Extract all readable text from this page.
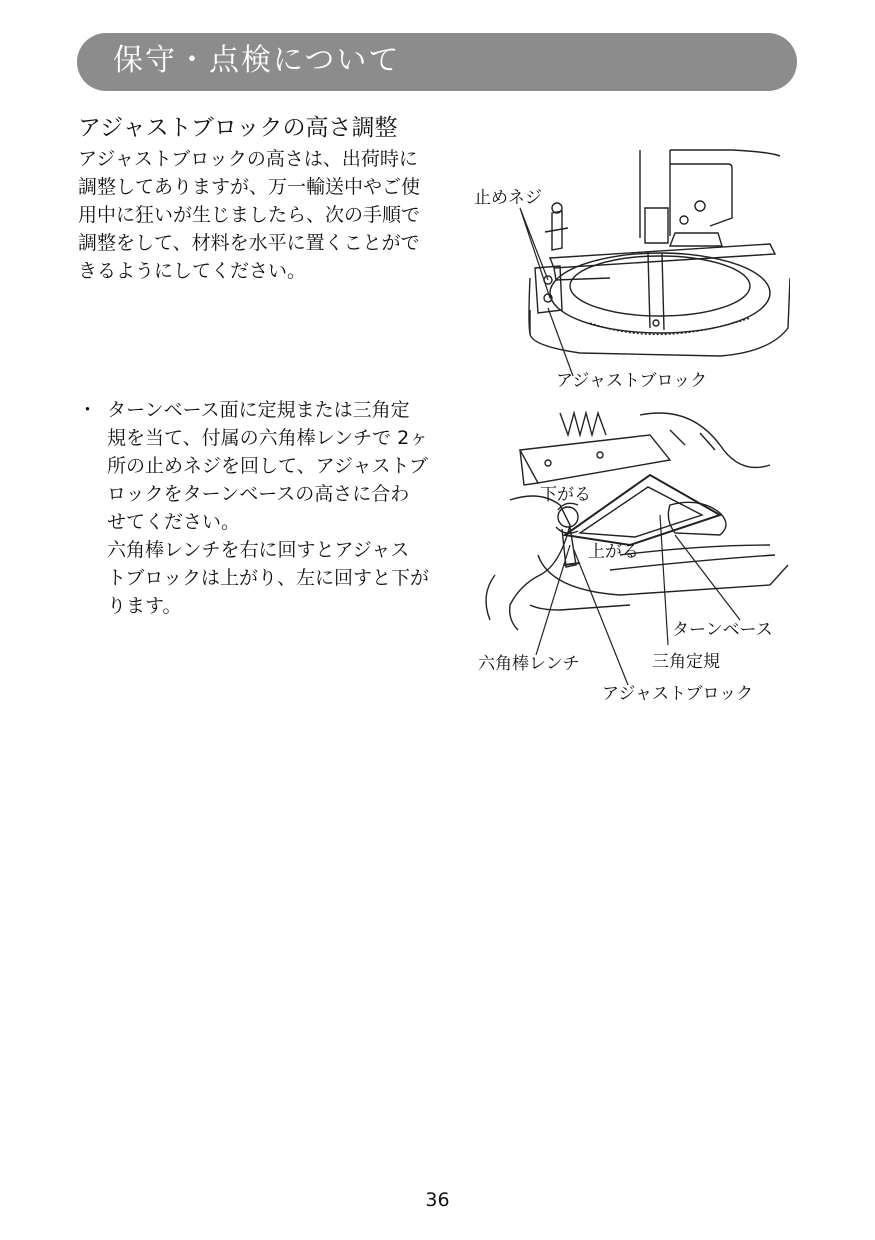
保守・点検について
アジャストブロックの高さ調整

アジャストブロックの高さは、出荷時に
調整してありますが、万一輸送中やご使
用中に狂いが生じましたら、次の手順で
調整をして、材料を水平に置くことがで
きるようにしてください。

・ ターンベース面に定規または三角定
規を当て、付属の六角棒レンチで 2ヶ
所の止めネジを回して、アジャストブ
ロックをターンベースの高さに合わ
せてください。
六角棒レンチを右に回すとアジャス
トブロックは上がり、左に回すと下が
ります。
止めネジ
アジャストブロック
下がる
上がる
ターンベース
三角定規
六角棒レンチ
アジャストブロック
36
